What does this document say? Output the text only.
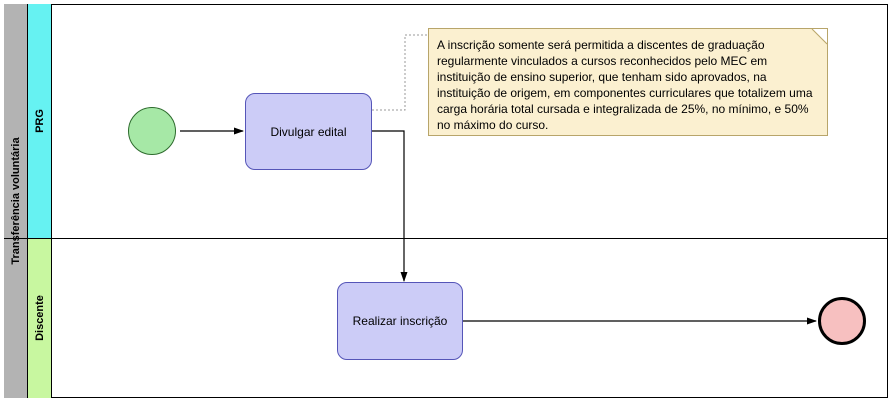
Transferência voluntária
PRG
Discente
Divulgar edital
Realizar inscrição
A inscrição somente será permitida a discentes de graduação regularmente vinculados a cursos reconhecidos pelo MEC em instituição de ensino superior, que tenham sido aprovados, na instituição de origem, em componentes curriculares que totalizem uma carga horária total cursada e integralizada de 25%, no mínimo, e 50% no máximo do curso.
